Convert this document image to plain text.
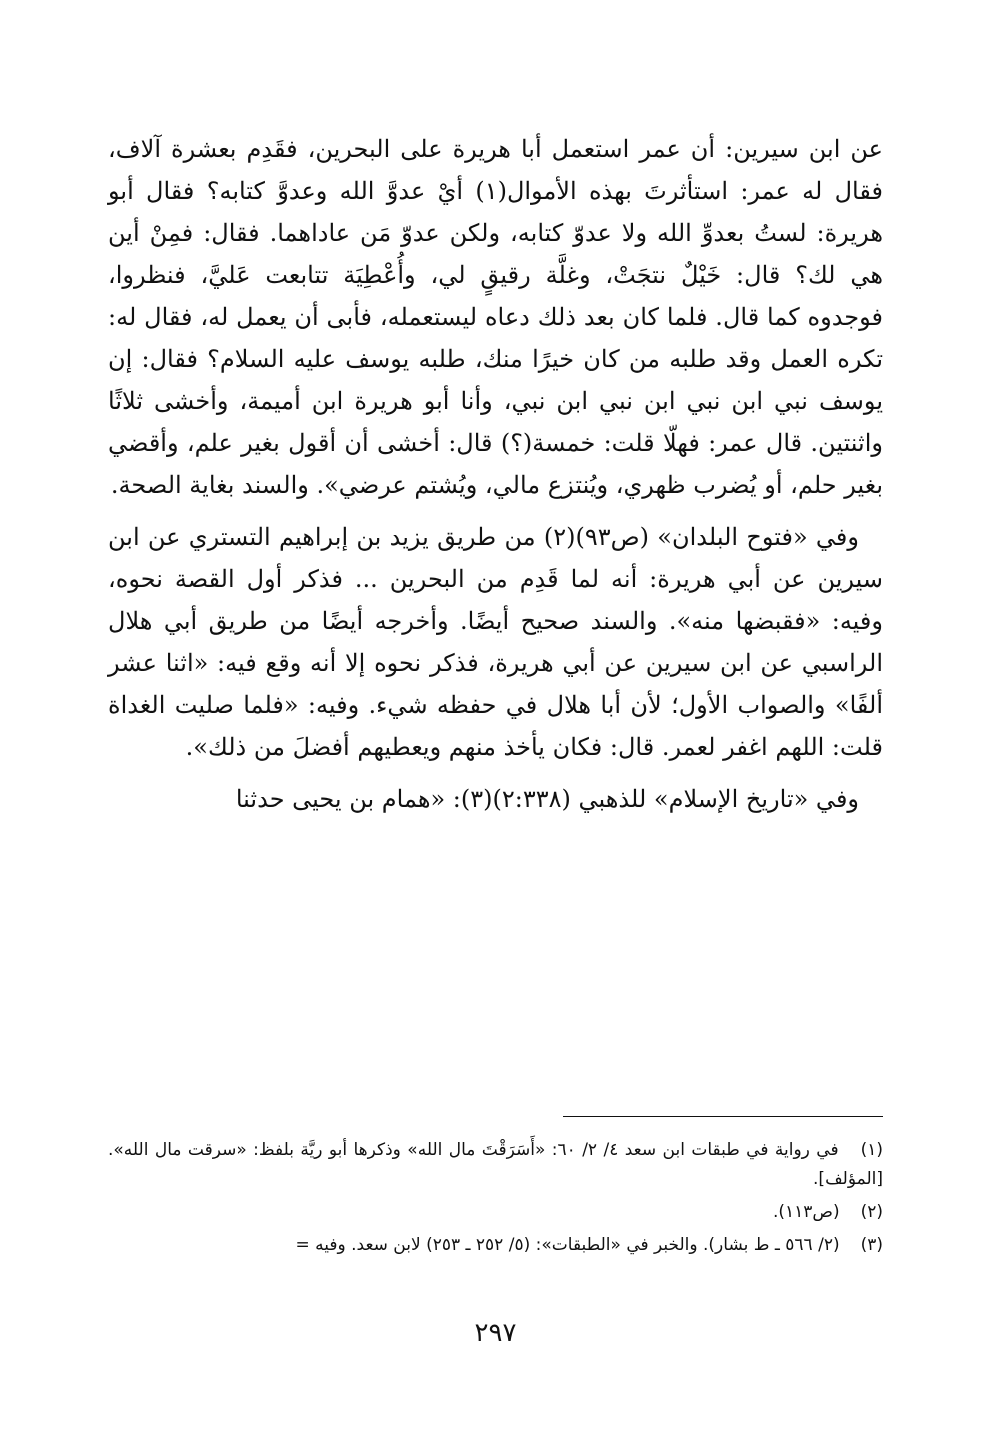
عن ابن سيرين: أن عمر استعمل أبا هريرة على البحرين، فقَدِم بعشرة آلاف، فقال له عمر: استأثرتَ بهذه الأموال(١) أيْ عدوَّ الله وعدوَّ كتابه؟ فقال أبو هريرة: لستُ بعدوِّ الله ولا عدوّ كتابه، ولكن عدوّ مَن عاداهما. فقال: فمِنْ أين هي لك؟ قال: خَيْلٌ نتجَتْ، وغلَّة رقيقٍ لي، وأُعْطِيَة تتابعت عَليَّ، فنظروا، فوجدوه كما قال. فلما كان بعد ذلك دعاه ليستعمله، فأبى أن يعمل له، فقال له: تكره العمل وقد طلبه من كان خيرًا منك، طلبه يوسف عليه السلام؟ فقال: إن يوسف نبي ابن نبي ابن نبي ابن نبي، وأنا أبو هريرة ابن أميمة، وأخشى ثلاثًا واثنتين. قال عمر: فهلّا قلت: خمسة(؟) قال: أخشى أن أقول بغير علم، وأقضي بغير حلم، أو يُضرب ظهري، ويُنتزع مالي، ويُشتم عرضي». والسند بغاية الصحة.

وفي «فتوح البلدان» (ص٩٣)(٢) من طريق يزيد بن إبراهيم التستري عن ابن سيرين عن أبي هريرة: أنه لما قَدِم من البحرين ... فذكر أول القصة نحوه، وفيه: «فقبضها منه». والسند صحيح أيضًا. وأخرجه أيضًا من طريق أبي هلال الراسبي عن ابن سيرين عن أبي هريرة، فذكر نحوه إلا أنه وقع فيه: «اثنا عشر ألفًا» والصواب الأول؛ لأن أبا هلال في حفظه شيء. وفيه: «فلما صليت الغداة قلت: اللهم اغفر لعمر. قال: فكان يأخذ منهم ويعطيهم أفضلَ من ذلك».

وفي «تاريخ الإسلام» للذهبي (٢:٣٣٨)(٣): «همام بن يحيى حدثنا

(١) في رواية في طبقات ابن سعد ٤/ ٢/ ٦٠: «أَسَرَقْتَ مال الله» وذكرها أبو ريَّة بلفظ: «سرقت مال الله». [المؤلف].

(٢) (ص١١٣).

(٣) (٢/ ٥٦٦ ـ ط بشار). والخبر في «الطبقات»: (٥/ ٢٥٢ ـ ٢٥٣) لابن سعد. وفيه =

٢٩٧
